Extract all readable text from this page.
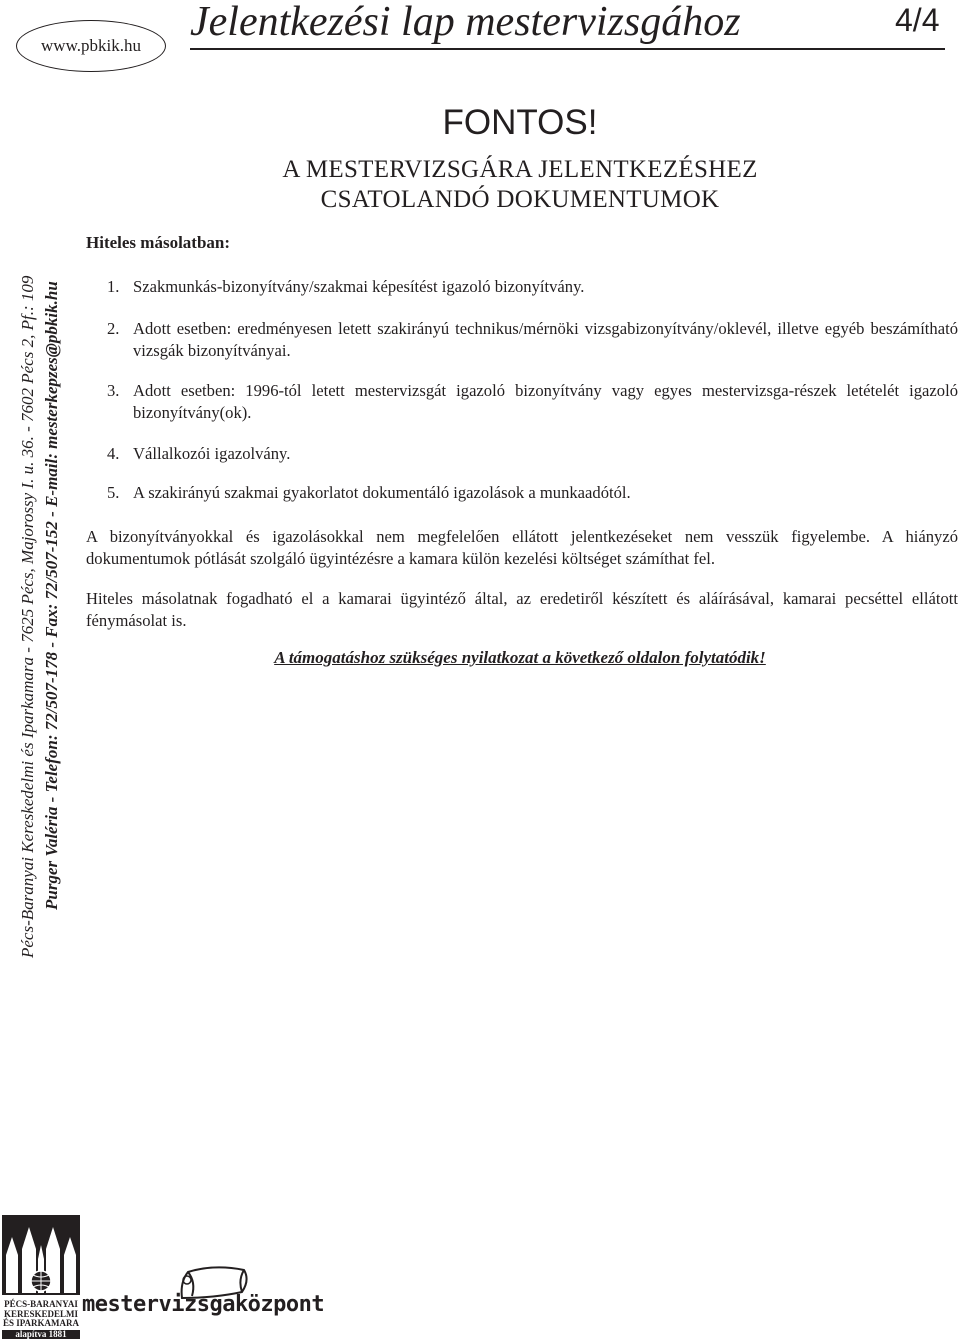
www.pbkik.hu
Jelentkezési lap mestervizsgához	4/4
Pécs-Baranyai Kereskedelmi és Iparkamara - 7625 Pécs, Majorossy I. u. 36. - 7602 Pécs 2, Pf.: 109 Purger Valéria - Telefon: 72/507-178 - Fax: 72/507-152 - E-mail: mesterkepzes@pbkik.hu
FONTOS!
A MESTERVIZSGÁRA JELENTKEZÉSHEZ
CSATOLANDÓ DOKUMENTUMOK
Hiteles másolatban:
1. Szakmunkás-bizonyítvány/szakmai képesítést igazoló bizonyítvány.
2. Adott esetben: eredményesen letett szakirányú technikus/mérnöki vizsgabizonyítvány/oklevél, illetve egyéb beszámítható vizsgák bizonyítványai.
3. Adott esetben: 1996-tól letett mestervizsgát igazoló bizonyítvány vagy egyes mestervizsga-részek letételét igazoló bizonyítvány(ok).
4. Vállalkozói igazolvány.
5. A szakirányú szakmai gyakorlatot dokumentáló igazolások a munkaadótól.
A bizonyítványokkal és igazolásokkal nem megfelelően ellátott jelentkezéseket nem vesszük figyelembe. A hiányzó dokumentumok pótlását szolgáló ügyintézésre a kamara külön kezelési költséget számíthat fel.
Hiteles másolatnak fogadható el a kamarai ügyintéző által, az eredetiről készített és aláírásával, kamarai pecséttel ellátott fénymásolat is.
A támogatáshoz szükséges nyilatkozat a következő oldalon folytatódik!
PÉCS-BARANYAI
KERESKEDELMI
ÉS IPARKAMARA
alapítva 1881
mestervizsgaközpont
